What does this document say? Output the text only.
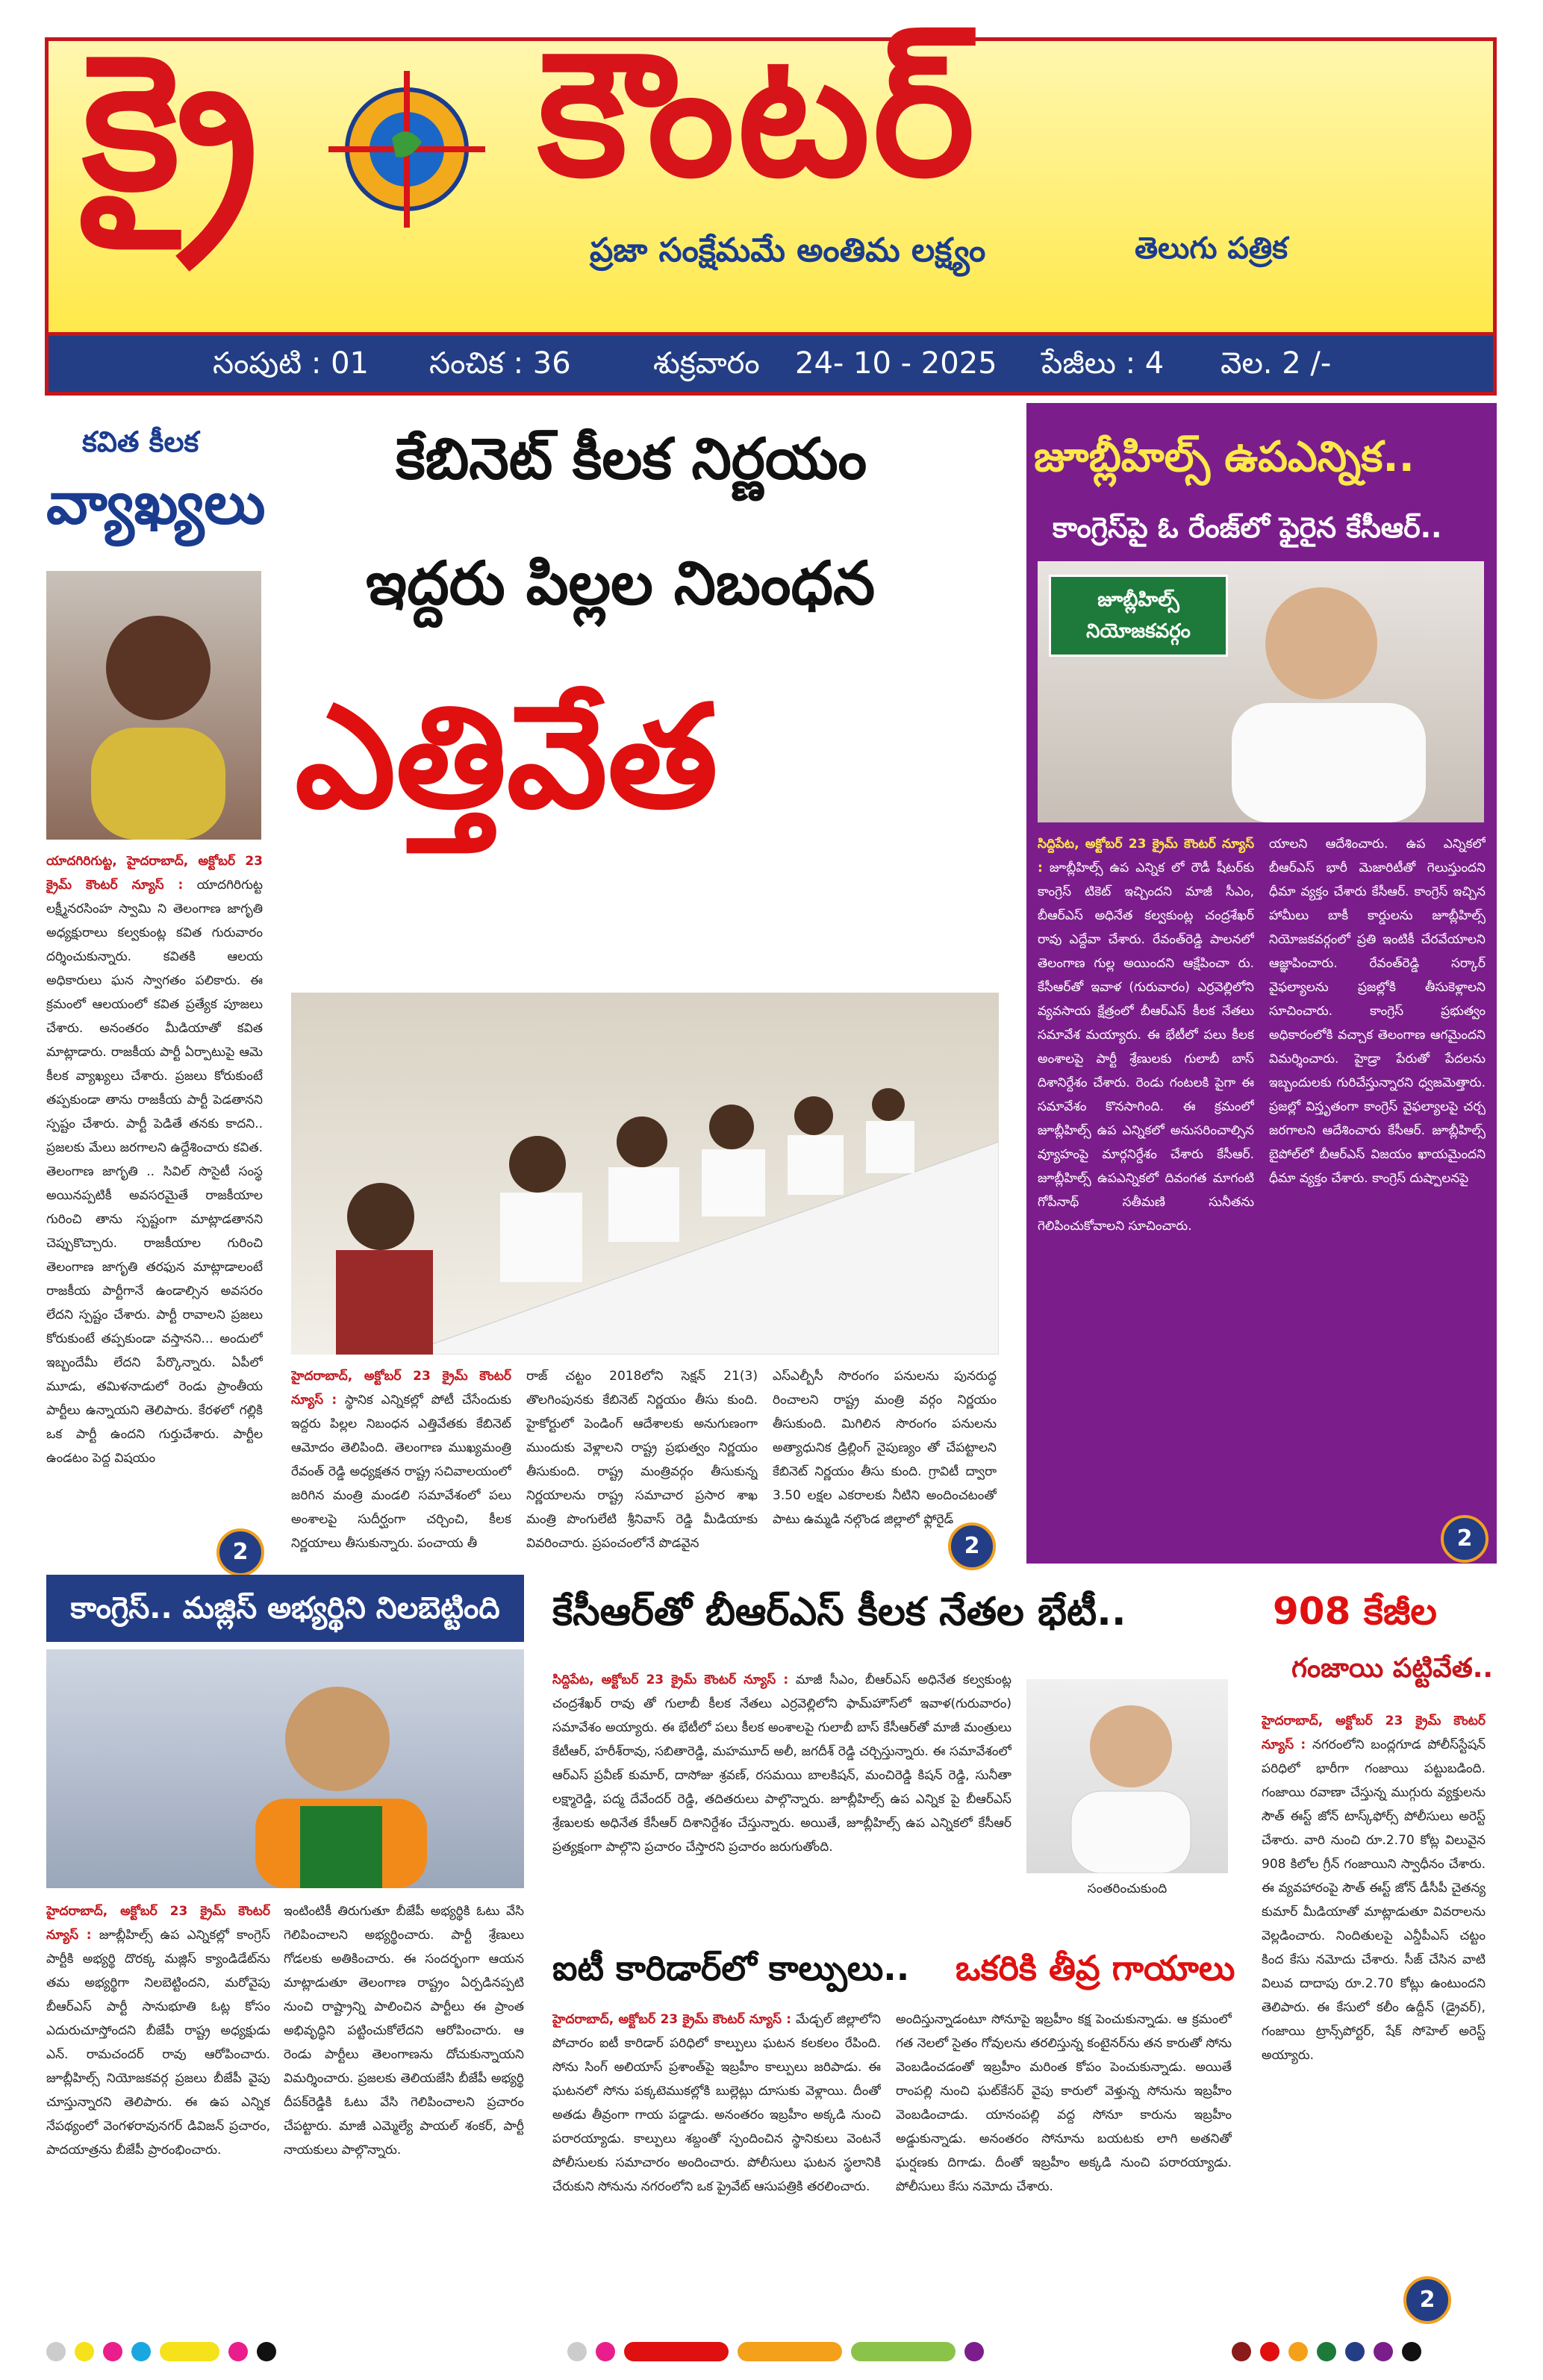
క్రై కౌంటర్
ప్రజా సంక్షేమమే అంతిమ లక్ష్యం	తెలుగు పత్రిక
సంపుటి : 01 సంచిక : 36	శుక్రవారం 24- 10 - 2025 పేజీలు : 4 వెల. 2 /-
కవిత కీలక
వ్యాఖ్యలు
యాదగిరిగుట్ట, హైదరాబాద్, అక్టోబర్ 23 క్రైమ్ కౌంటర్ న్యూస్ : యాదగిరిగుట్ట లక్ష్మీనరసింహ స్వామి ని తెలంగాణ జాగృతి అధ్యక్షురాలు కల్వకుంట్ల కవిత గురువారం దర్శించుకున్నారు. కవితకి ఆలయ అధికారులు ఘన స్వాగతం పలికారు. ఈ క్రమంలో ఆలయంలో కవిత ప్రత్యేక పూజలు చేశారు. అనంతరం మీడియాతో కవిత మాట్లాడారు. రాజకీయ పార్టీ ఏర్పాటుపై ఆమె కీలక వ్యాఖ్యలు చేశారు. ప్రజలు కోరుకుంటే తప్పకుండా తాను రాజకీయ పార్టీ పెడతానని స్పష్టం చేశారు. పార్టీ పెడితే తనకు కాదని.. ప్రజలకు మేలు జరగాలని ఉద్దేశించారు కవిత. తెలంగాణ జాగృతి .. సివిల్ సొసైటీ సంస్థ అయినప్పటికీ అవసరమైతే రాజకీయాల గురించి తాను స్పష్టంగా మాట్లాడతానని చెప్పుకొచ్చారు. రాజకీయాల గురించి తెలంగాణ జాగృతి తరఫున మాట్లాడాలంటే రాజకీయ పార్టీగానే ఉండాల్సిన అవసరం లేదని స్పష్టం చేశారు. పార్టీ రావాలని ప్రజలు కోరుకుంటే తప్పకుండా వస్తానని... అందులో ఇబ్బందేమీ లేదని పేర్కొన్నారు. ఏపీలో మూడు, తమిళనాడులో రెండు ప్రాంతీయ పార్టీలు ఉన్నాయని తెలిపారు. కేరళలో గల్లికి ఒక పార్టీ ఉందని గుర్తుచేశారు. పార్టీల ఉండటం పెద్ద విషయం
2
కేబినెట్ కీలక నిర్ణయం
ఇద్దరు పిల్లల నిబంధన
ఎత్తివేత
హైదరాబాద్, అక్టోబర్ 23 క్రైమ్ కౌంటర్ న్యూస్ : స్థానిక ఎన్నికల్లో పోటీ చేసేందుకు ఇద్దరు పిల్లల నిబంధన ఎత్తివేతకు కేబినెట్ ఆమోదం తెలిపింది. తెలంగాణ ముఖ్యమంత్రి రేవంత్ రెడ్డి అధ్యక్షతన రాష్ట్ర సచివాలయంలో జరిగిన మంత్రి మండలి సమావేశంలో పలు అంశాలపై సుదీర్ఘంగా చర్చించి, కీలక నిర్ణయాలు తీసుకున్నారు. పంచాయ తీ
రాజ్ చట్టం 2018లోని సెక్షన్ 21(3) తొలగింపునకు కేబినెట్ నిర్ణయం తీసు కుంది. హైకోర్టులో పెండింగ్ ఆదేశాలకు అనుగుణంగా ముందుకు వెళ్లాలని రాష్ట్ర ప్రభుత్వం నిర్ణయం తీసుకుంది. రాష్ట్ర మంత్రివర్గం తీసుకున్న నిర్ణయాలను రాష్ట్ర సమాచార ప్రసార శాఖ మంత్రి పొంగులేటి శ్రీనివాస్ రెడ్డి మీడియాకు వివరించారు. ప్రపంచంలోనే పొడవైన
ఎస్ఎల్బీసీ సొరంగం పనులను పునరుద్ధ రించాలని రాష్ట్ర మంత్రి వర్గం నిర్ణయం తీసుకుంది. మిగిలిన సొరంగం పనులను అత్యాధునిక డ్రిల్లింగ్ నైపుణ్యం తో చేపట్టాలని కేబినెట్ నిర్ణయం తీసు కుంది. గ్రావిటీ ద్వారా 3.50 లక్షల ఎకరాలకు నీటిని అందించటంతో పాటు ఉమ్మడి నల్గొండ జిల్లాలో ఫ్లోరైడ్
2
జూబ్లీహిల్స్ ఉపఎన్నిక..
కాంగ్రెస్‌పై ఓ రేంజ్‌లో ఫైరైన కేసీఆర్..
జూబ్లీహిల్స్
నియోజకవర్గం
సిద్దిపేట, అక్టోబర్ 23 క్రైమ్ కౌంటర్ న్యూస్ : జూబ్లీహిల్స్ ఉప ఎన్నిక లో రౌడీ షీటర్‌కు కాంగ్రెస్ టికెట్ ఇచ్చిందని మాజీ సీఎం, బీఆర్ఎస్ అధినేత కల్వకుంట్ల చంద్రశేఖర్ రావు ఎద్దేవా చేశారు. రేవంత్‌రెడ్డి పాలనలో తెలంగాణ గుల్ల అయిందని ఆక్షేపించా రు. కేసీఆర్‌తో ఇవాళ (గురువారం) ఎర్రవెల్లిలోని వ్యవసాయ క్షేత్రంలో బీఆర్ఎస్ కీలక నేతలు సమావేశ మయ్యారు. ఈ భేటీలో పలు కీలక అంశాలపై పార్టీ శ్రేణులకు గులాబీ బాస్ దిశానిర్దేశం చేశారు. రెండు గంటలకి పైగా ఈ సమావేశం కొనసాగింది. ఈ క్రమంలో జూబ్లీహిల్స్ ఉప ఎన్నికలో అనుసరించాల్సిన వ్యూహంపై మార్గనిర్దేశం చేశారు కేసీఆర్. జూబ్లీహిల్స్ ఉపఎన్నికలో దివంగత మాగంటి గోపీనాథ్ సతీమణి సునీతను గెలిపించుకోవాలని సూచించారు.
యాలని ఆదేశించారు. ఉప ఎన్నికలో బీఆర్ఎస్ భారీ మెజారిటీతో గెలుస్తుందని ధీమా వ్యక్తం చేశారు కేసీఆర్. కాంగ్రెస్ ఇచ్చిన హామీలు బాకీ కార్డులను జూబ్లీహిల్స్ నియోజకవర్గంలో ప్రతి ఇంటికీ చేరవేయాలని ఆజ్ఞాపించారు. రేవంత్‌రెడ్డి సర్కార్ వైఫల్యాలను ప్రజల్లోకి తీసుకెళ్లాలని సూచించారు. కాంగ్రెస్ ప్రభుత్వం అధికారంలోకి వచ్చాక తెలంగాణ ఆగమైందని విమర్శించారు. హైడ్రా పేరుతో పేదలను ఇబ్బందులకు గురిచేస్తున్నారని ధ్వజమెత్తారు. ప్రజల్లో విస్తృతంగా కాంగ్రెస్ వైఫల్యాలపై చర్చ జరగాలని ఆదేశించారు కేసీఆర్. జూబ్లీహిల్స్ బైపోల్‌లో బీఆర్ఎస్ విజయం ఖాయమైందని ధీమా వ్యక్తం చేశారు. కాంగ్రెస్ దుష్పాలనపై
2
కాంగ్రెస్.. మజ్లిస్ అభ్యర్థిని నిలబెట్టింది
హైదరాబాద్, అక్టోబర్ 23 క్రైమ్ కౌంటర్ న్యూస్ : జూబ్లీహిల్స్ ఉప ఎన్నికల్లో కాంగ్రెస్ పార్టీకి అభ్యర్థి దొరక్క మజ్లిస్ క్యాండిడేట్‌ను తమ అభ్యర్థిగా నిలబెట్టిందని, మరోవైపు బీఆర్ఎస్ పార్టీ సానుభూతి ఓట్ల కోసం ఎదురుచూస్తోందని బీజేపీ రాష్ట్ర అధ్యక్షుడు ఎన్. రామచందర్ రావు ఆరోపించారు. జూబ్లీహిల్స్ నియోజకవర్గ ప్రజలు బీజేపీ వైపు చూస్తున్నారని తెలిపారు. ఈ ఉప ఎన్నిక నేపథ్యంలో వెంగళరావునగర్ డివిజన్ ప్రచారం, పాదయాత్రను బీజేపీ ప్రారంభించారు.
ఇంటింటికీ తిరుగుతూ బీజేపీ అభ్యర్థికి ఓటు వేసి గెలిపించాలని అభ్యర్థించారు. పార్టీ శ్రేణులు గోడలకు అతికించారు. ఈ సందర్భంగా ఆయన మాట్లాడుతూ తెలంగాణ రాష్ట్రం ఏర్పడినప్పటి నుంచి రాష్ట్రాన్ని పాలించిన పార్టీలు ఈ ప్రాంత అభివృద్ధిని పట్టించుకోలేదని ఆరోపించారు. ఆ రెండు పార్టీలు తెలంగాణను దోచుకున్నాయని విమర్శించారు. ప్రజలకు తెలియజేసి బీజేపీ అభ్యర్థి దీపక్‌రెడ్డికి ఓటు వేసి గెలిపించాలని ప్రచారం చేపట్టారు. మాజీ ఎమ్మెల్యే పాయల్ శంకర్, పార్టీ నాయకులు పాల్గొన్నారు.
కేసీఆర్‌తో బీఆర్ఎస్ కీలక నేతల భేటీ..
సిద్దిపేట, అక్టోబర్ 23 క్రైమ్ కౌంటర్ న్యూస్ : మాజీ సీఎం, బీఆర్ఎస్ అధినేత కల్వకుంట్ల చంద్రశేఖర్ రావు తో గులాబీ కీలక నేతలు ఎర్రవెల్లిలోని ఫామ్‌హౌస్‌లో ఇవాళ(గురువారం) సమావేశం అయ్యారు. ఈ భేటీలో పలు కీలక అంశాలపై గులాబీ బాస్ కేసీఆర్‌తో మాజీ మంత్రులు కేటీఆర్, హరీశ్‌రావు, సబితారెడ్డి, మహమూద్ అలీ, జగదీశ్ రెడ్డి చర్చిస్తున్నారు. ఈ సమావేశంలో ఆర్ఎస్ ప్రవీణ్ కుమార్, దాసోజు శ్రవణ్, రసమయి బాలకిషన్, మంచిరెడ్డి కిషన్ రెడ్డి, సునీతా లక్ష్మారెడ్డి, పద్మ దేవేందర్ రెడ్డి, తదితరులు పాల్గొన్నారు. జూబ్లీహిల్స్ ఉప ఎన్నిక పై బీఆర్ఎస్ శ్రేణులకు అధినేత కేసీఆర్ దిశానిర్దేశం చేస్తున్నారు. అయితే, జూబ్లీహిల్స్ ఉప ఎన్నికలో కేసీఆర్ ప్రత్యక్షంగా పాల్గొని ప్రచారం చేస్తారని ప్రచారం జరుగుతోంది.
సంతరించుకుంది
908 కేజీల
గంజాయి పట్టివేత..
హైదరాబాద్, అక్టోబర్ 23 క్రైమ్ కౌంటర్ న్యూస్ : నగరంలోని బంద్లగూడ పోలీస్‌స్టేషన్ పరిధిలో భారీగా గంజాయి పట్టుబడింది. గంజాయి రవాణా చేస్తున్న ముగ్గురు వ్యక్తులను సౌత్ ఈస్ట్ జోన్ టాస్క్‌ఫోర్స్ పోలీసులు అరెస్ట్ చేశారు. వారి నుంచి రూ.2.70 కోట్ల విలువైన 908 కిలోల గ్రీన్ గంజాయిని స్వాధీనం చేశారు. ఈ వ్యవహారంపై సౌత్ ఈస్ట్ జోన్ డీసీపీ చైతన్య కుమార్ మీడియాతో మాట్లాడుతూ వివరాలను వెల్లడించారు. నిందితులపై ఎన్డీపీఎస్ చట్టం కింద కేసు నమోదు చేశారు. సీజ్ చేసిన వాటి విలువ దాదాపు రూ.2.70 కోట్లు ఉంటుందని తెలిపారు. ఈ కేసులో కలీం ఉద్దీన్ (డ్రైవర్), గంజాయి ట్రాన్స్‌పోర్టర్, షేక్ సోహెల్ అరెస్ట్ అయ్యారు.
2
ఐటీ కారిడార్‌లో కాల్పులు.. ఒకరికి తీవ్ర గాయాలు
హైదరాబాద్, అక్టోబర్ 23 క్రైమ్ కౌంటర్ న్యూస్ : మేడ్చల్ జిల్లాలోని పోచారం ఐటీ కారిడార్ పరిధిలో కాల్పులు ఘటన కలకలం రేపింది. సోను సింగ్ అలియాస్ ప్రశాంత్‌పై ఇబ్రహీం కాల్పులు జరిపాడు. ఈ ఘటనలో సోను పక్కటెముకల్లోకి బుల్లెట్లు దూసుకు వెళ్లాయి. దీంతో అతడు తీవ్రంగా గాయ పడ్డాడు. అనంతరం ఇబ్రహీం అక్కడి నుంచి పరారయ్యాడు. కాల్పులు శబ్దంతో స్పందించిన స్థానికులు వెంటనే పోలీసులకు సమాచారం అందించారు. పోలీసులు ఘటన స్థలానికి చేరుకుని సోనును నగరంలోని ఒక ప్రైవేట్ ఆసుపత్రికి తరలించారు.
అందిస్తున్నాడంటూ సోనూపై ఇబ్రహీం కక్ష పెంచుకున్నాడు. ఆ క్రమంలో గత నెలలో సైతం గోవులను తరలిస్తున్న కంటైనర్‌ను తన కారుతో సోను వెంబడించడంతో ఇబ్రహీం మరింత కోపం పెంచుకున్నాడు. అయితే రాంపల్లి నుంచి ఘట్‌కేసర్ వైపు కారులో వెళ్తున్న సోనును ఇబ్రహీం వెంబడించాడు. యానంపల్లి వద్ద సోనూ కారును ఇబ్రహీం అడ్డుకున్నాడు. అనంతరం సోనూను బయటకు లాగి అతనితో ఘర్షణకు దిగాడు. దీంతో ఇబ్రహీం అక్కడి నుంచి పరారయ్యాడు. పోలీసులు కేసు నమోదు చేశారు.
